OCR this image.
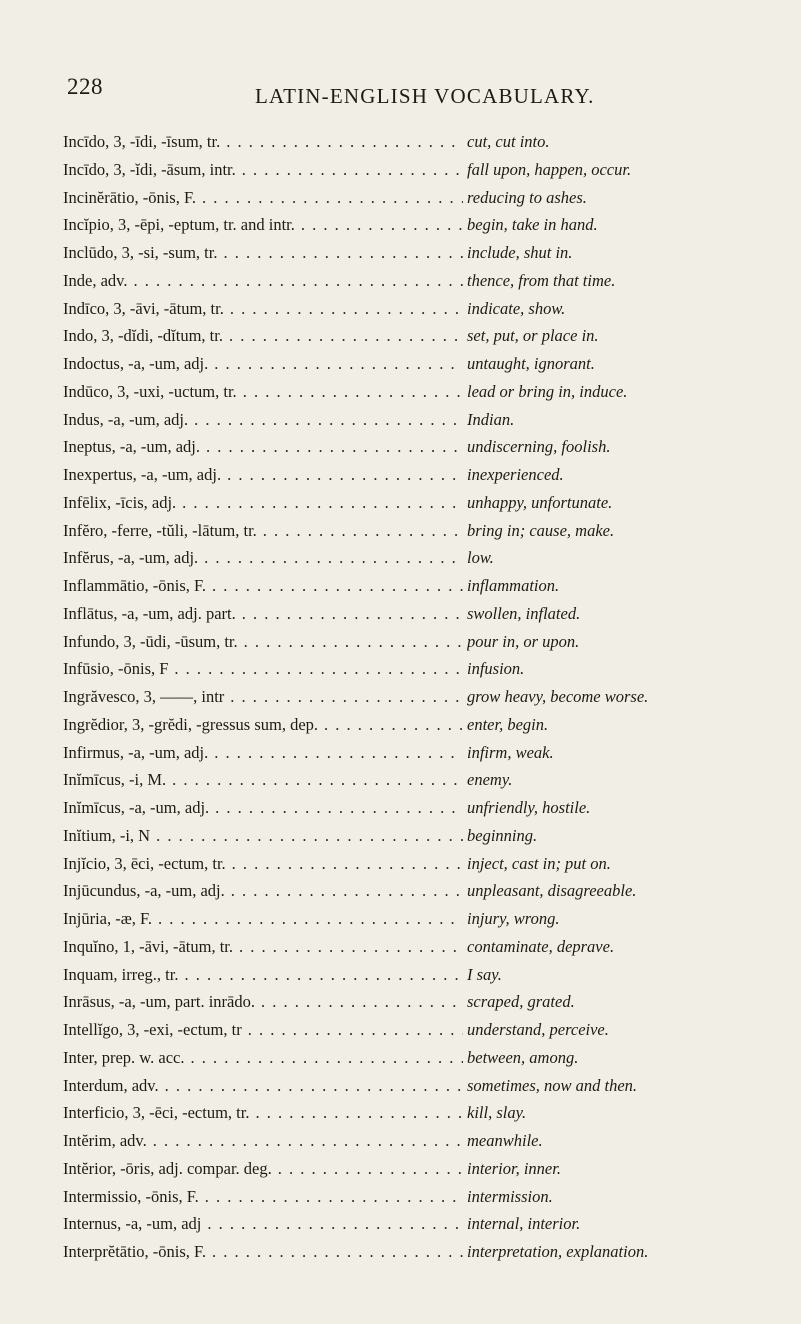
228	LATIN-ENGLISH VOCABULARY.
Incīdo, 3, -īdi, -īsum, tr. . . .	cut, cut into.
Incīdo, 3, -ĭdi, -āsum, intr. . . .	fall upon, happen, occur.
Incinĕrātio, -ōnis, F. . . .	reducing to ashes.
Incĭpio, 3, -ēpi, -eptum, tr. and intr. . . .	begin, take in hand.
Inclūdo, 3, -si, -sum, tr. . . .	include, shut in.
Inde, adv. . . .	thence, from that time.
Indīco, 3, -āvi, -ātum, tr. . . .	indicate, show.
Indo, 3, -dĭdi, -dĭtum, tr. . . .	set, put, or place in.
Indoctus, -a, -um, adj. . . .	untaught, ignorant.
Indūco, 3, -uxi, -uctum, tr. . . .	lead or bring in, induce.
Indus, -a, -um, adj. . . .	Indian.
Ineptus, -a, -um, adj. . . .	undiscerning, foolish.
Inexpertus, -a, -um, adj. . . .	inexperienced.
Infēlix, -īcis, adj. . . .	unhappy, unfortunate.
Infĕro, -ferre, -tŭli, -lātum, tr. . . .	bring in; cause, make.
Infĕrus, -a, -um, adj. . . .	low.
Inflammātio, -ōnis, F. . . .	inflammation.
Inflātus, -a, -um, adj. part. . . .	swollen, inflated.
Infundo, 3, -ūdi, -ūsum, tr. . . .	pour in, or upon.
Infūsio, -ōnis, F . . .	infusion.
Ingrăvesco, 3, ——, intr . . .	grow heavy, become worse.
Ingrĕdior, 3, -grĕdi, -gressus sum, dep. . . .	enter, begin.
Infirmus, -a, -um, adj. . . .	infirm, weak.
Inĭmīcus, -i, M. . . .	enemy.
Inĭmīcus, -a, -um, adj. . . .	unfriendly, hostile.
Inĭtium, -i, N . . .	beginning.
Injĭcio, 3, ēci, -ectum, tr. . . .	inject, cast in; put on.
Injūcundus, -a, -um, adj. . . .	unpleasant, disagreeable.
Injūria, -æ, F. . . .	injury, wrong.
Inquĭno, 1, -āvi, -ātum, tr. . . .	contaminate, deprave.
Inquam, irreg., tr. . . .	I say.
Inrāsus, -a, -um, part. inrādo. . . .	scraped, grated.
Intellĭgo, 3, -exi, -ectum, tr . . .	understand, perceive.
Inter, prep. w. acc. . . .	between, among.
Interdum, adv. . . .	sometimes, now and then.
Interficio, 3, -ēci, -ectum, tr. . . .	kill, slay.
Intĕrim, adv. . . .	meanwhile.
Intĕrior, -ōris, adj. compar. deg. . . .	interior, inner.
Intermissio, -ōnis, F. . . .	intermission.
Internus, -a, -um, adj . . .	internal, interior.
Interprĕtātio, -ōnis, F. . . .	interpretation, explanation.
